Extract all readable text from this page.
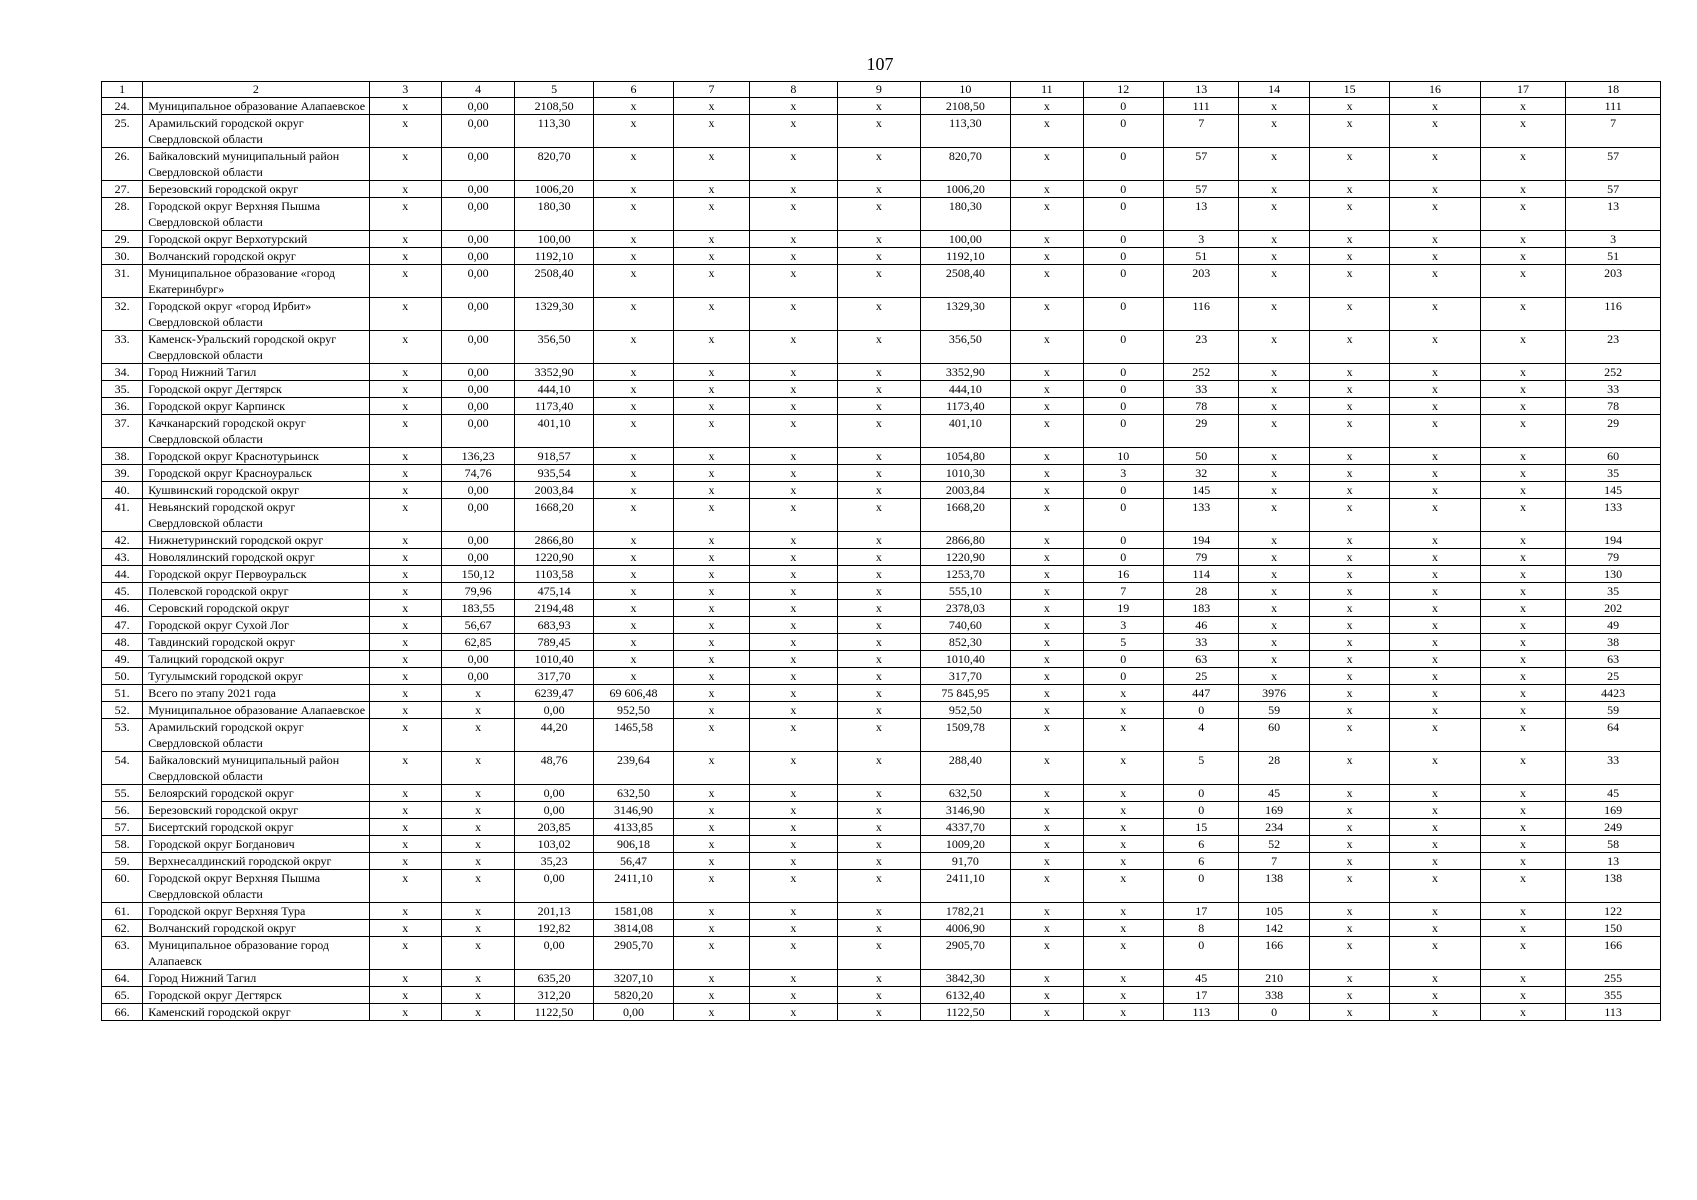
107
1	2	3	4	5	6	7	8	9	10	11	12	13	14	15	16	17	18
24.	Муниципальное образование Алапаевское	x	0,00	2108,50	x	x	x	x	2108,50	x	0	111	x	x	x	x	111
25.	Арамильский городской округ Свердловской области	x	0,00	113,30	x	x	x	x	113,30	x	0	7	x	x	x	x	7
26.	Байкаловский муниципальный район Свердловской области	x	0,00	820,70	x	x	x	x	820,70	x	0	57	x	x	x	x	57
27.	Березовский городской округ	x	0,00	1006,20	x	x	x	x	1006,20	x	0	57	x	x	x	x	57
28.	Городской округ Верхняя Пышма Свердловской области	x	0,00	180,30	x	x	x	x	180,30	x	0	13	x	x	x	x	13
29.	Городской округ Верхотурский	x	0,00	100,00	x	x	x	x	100,00	x	0	3	x	x	x	x	3
30.	Волчанский городской округ	x	0,00	1192,10	x	x	x	x	1192,10	x	0	51	x	x	x	x	51
31.	Муниципальное образование «город Екатеринбург»	x	0,00	2508,40	x	x	x	x	2508,40	x	0	203	x	x	x	x	203
32.	Городской округ «город Ирбит» Свердловской области	x	0,00	1329,30	x	x	x	x	1329,30	x	0	116	x	x	x	x	116
33.	Каменск-Уральский городской округ Свердловской области	x	0,00	356,50	x	x	x	x	356,50	x	0	23	x	x	x	x	23
34.	Город Нижний Тагил	x	0,00	3352,90	x	x	x	x	3352,90	x	0	252	x	x	x	x	252
35.	Городской округ Дегтярск	x	0,00	444,10	x	x	x	x	444,10	x	0	33	x	x	x	x	33
36.	Городской округ Карпинск	x	0,00	1173,40	x	x	x	x	1173,40	x	0	78	x	x	x	x	78
37.	Качканарский городской округ Свердловской области	x	0,00	401,10	x	x	x	x	401,10	x	0	29	x	x	x	x	29
38.	Городской округ Краснотурьинск	x	136,23	918,57	x	x	x	x	1054,80	x	10	50	x	x	x	x	60
39.	Городской округ Красноуральск	x	74,76	935,54	x	x	x	x	1010,30	x	3	32	x	x	x	x	35
40.	Кушвинский городской округ	x	0,00	2003,84	x	x	x	x	2003,84	x	0	145	x	x	x	x	145
41.	Невьянский городской округ Свердловской области	x	0,00	1668,20	x	x	x	x	1668,20	x	0	133	x	x	x	x	133
42.	Нижнетуринский городской округ	x	0,00	2866,80	x	x	x	x	2866,80	x	0	194	x	x	x	x	194
43.	Новолялинский городской округ	x	0,00	1220,90	x	x	x	x	1220,90	x	0	79	x	x	x	x	79
44.	Городской округ Первоуральск	x	150,12	1103,58	x	x	x	x	1253,70	x	16	114	x	x	x	x	130
45.	Полевской городской округ	x	79,96	475,14	x	x	x	x	555,10	x	7	28	x	x	x	x	35
46.	Серовский городской округ	x	183,55	2194,48	x	x	x	x	2378,03	x	19	183	x	x	x	x	202
47.	Городской округ Сухой Лог	x	56,67	683,93	x	x	x	x	740,60	x	3	46	x	x	x	x	49
48.	Тавдинский городской округ	x	62,85	789,45	x	x	x	x	852,30	x	5	33	x	x	x	x	38
49.	Талицкий городской округ	x	0,00	1010,40	x	x	x	x	1010,40	x	0	63	x	x	x	x	63
50.	Тугулымский городской округ	x	0,00	317,70	x	x	x	x	317,70	x	0	25	x	x	x	x	25
51.	Всего по этапу 2021 года	x	x	6239,47	69 606,48	x	x	x	75 845,95	x	x	447	3976	x	x	x	4423
52.	Муниципальное образование Алапаевское	x	x	0,00	952,50	x	x	x	952,50	x	x	0	59	x	x	x	59
53.	Арамильский городской округ Свердловской области	x	x	44,20	1465,58	x	x	x	1509,78	x	x	4	60	x	x	x	64
54.	Байкаловский муниципальный район Свердловской области	x	x	48,76	239,64	x	x	x	288,40	x	x	5	28	x	x	x	33
55.	Белоярский городской округ	x	x	0,00	632,50	x	x	x	632,50	x	x	0	45	x	x	x	45
56.	Березовский городской округ	x	x	0,00	3146,90	x	x	x	3146,90	x	x	0	169	x	x	x	169
57.	Бисертский городской округ	x	x	203,85	4133,85	x	x	x	4337,70	x	x	15	234	x	x	x	249
58.	Городской округ Богданович	x	x	103,02	906,18	x	x	x	1009,20	x	x	6	52	x	x	x	58
59.	Верхнесалдинский городской округ	x	x	35,23	56,47	x	x	x	91,70	x	x	6	7	x	x	x	13
60.	Городской округ Верхняя Пышма Свердловской области	x	x	0,00	2411,10	x	x	x	2411,10	x	x	0	138	x	x	x	138
61.	Городской округ Верхняя Тура	x	x	201,13	1581,08	x	x	x	1782,21	x	x	17	105	x	x	x	122
62.	Волчанский городской округ	x	x	192,82	3814,08	x	x	x	4006,90	x	x	8	142	x	x	x	150
63.	Муниципальное образование город Алапаевск	x	x	0,00	2905,70	x	x	x	2905,70	x	x	0	166	x	x	x	166
64.	Город Нижний Тагил	x	x	635,20	3207,10	x	x	x	3842,30	x	x	45	210	x	x	x	255
65.	Городской округ Дегтярск	x	x	312,20	5820,20	x	x	x	6132,40	x	x	17	338	x	x	x	355
66.	Каменский городской округ	x	x	1122,50	0,00	x	x	x	1122,50	x	x	113	0	x	x	x	113
